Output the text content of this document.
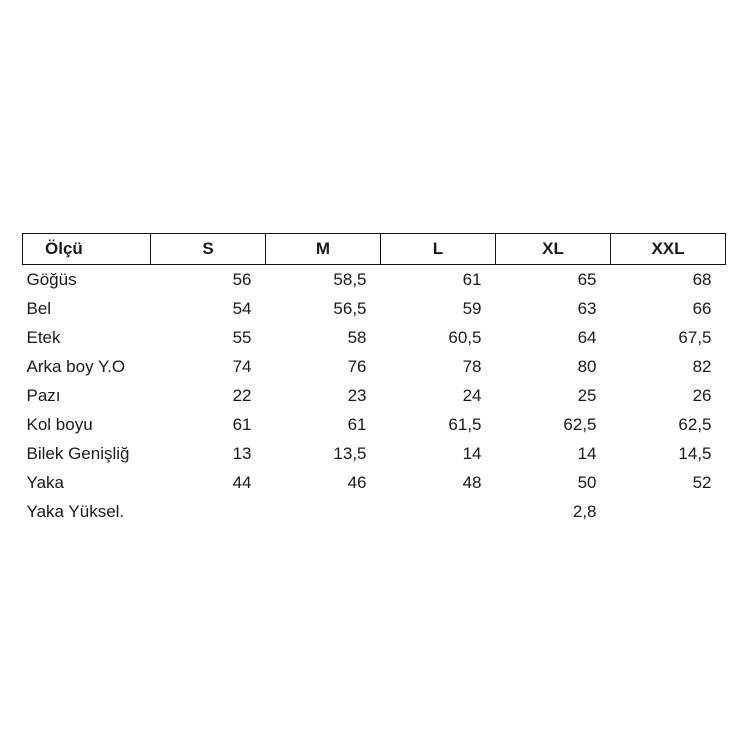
Ölçü	S	M	L	XL	XXL
Göğüs	56	58,5	61	65	68
Bel	54	56,5	59	63	66
Etek	55	58	60,5	64	67,5
Arka boy Y.O	74	76	78	80	82
Pazı	22	23	24	25	26
Kol boyu	61	61	61,5	62,5	62,5
Bilek Genişliğ	13	13,5	14	14	14,5
Yaka	44	46	48	50	52
Yaka Yüksel.				2,8	
